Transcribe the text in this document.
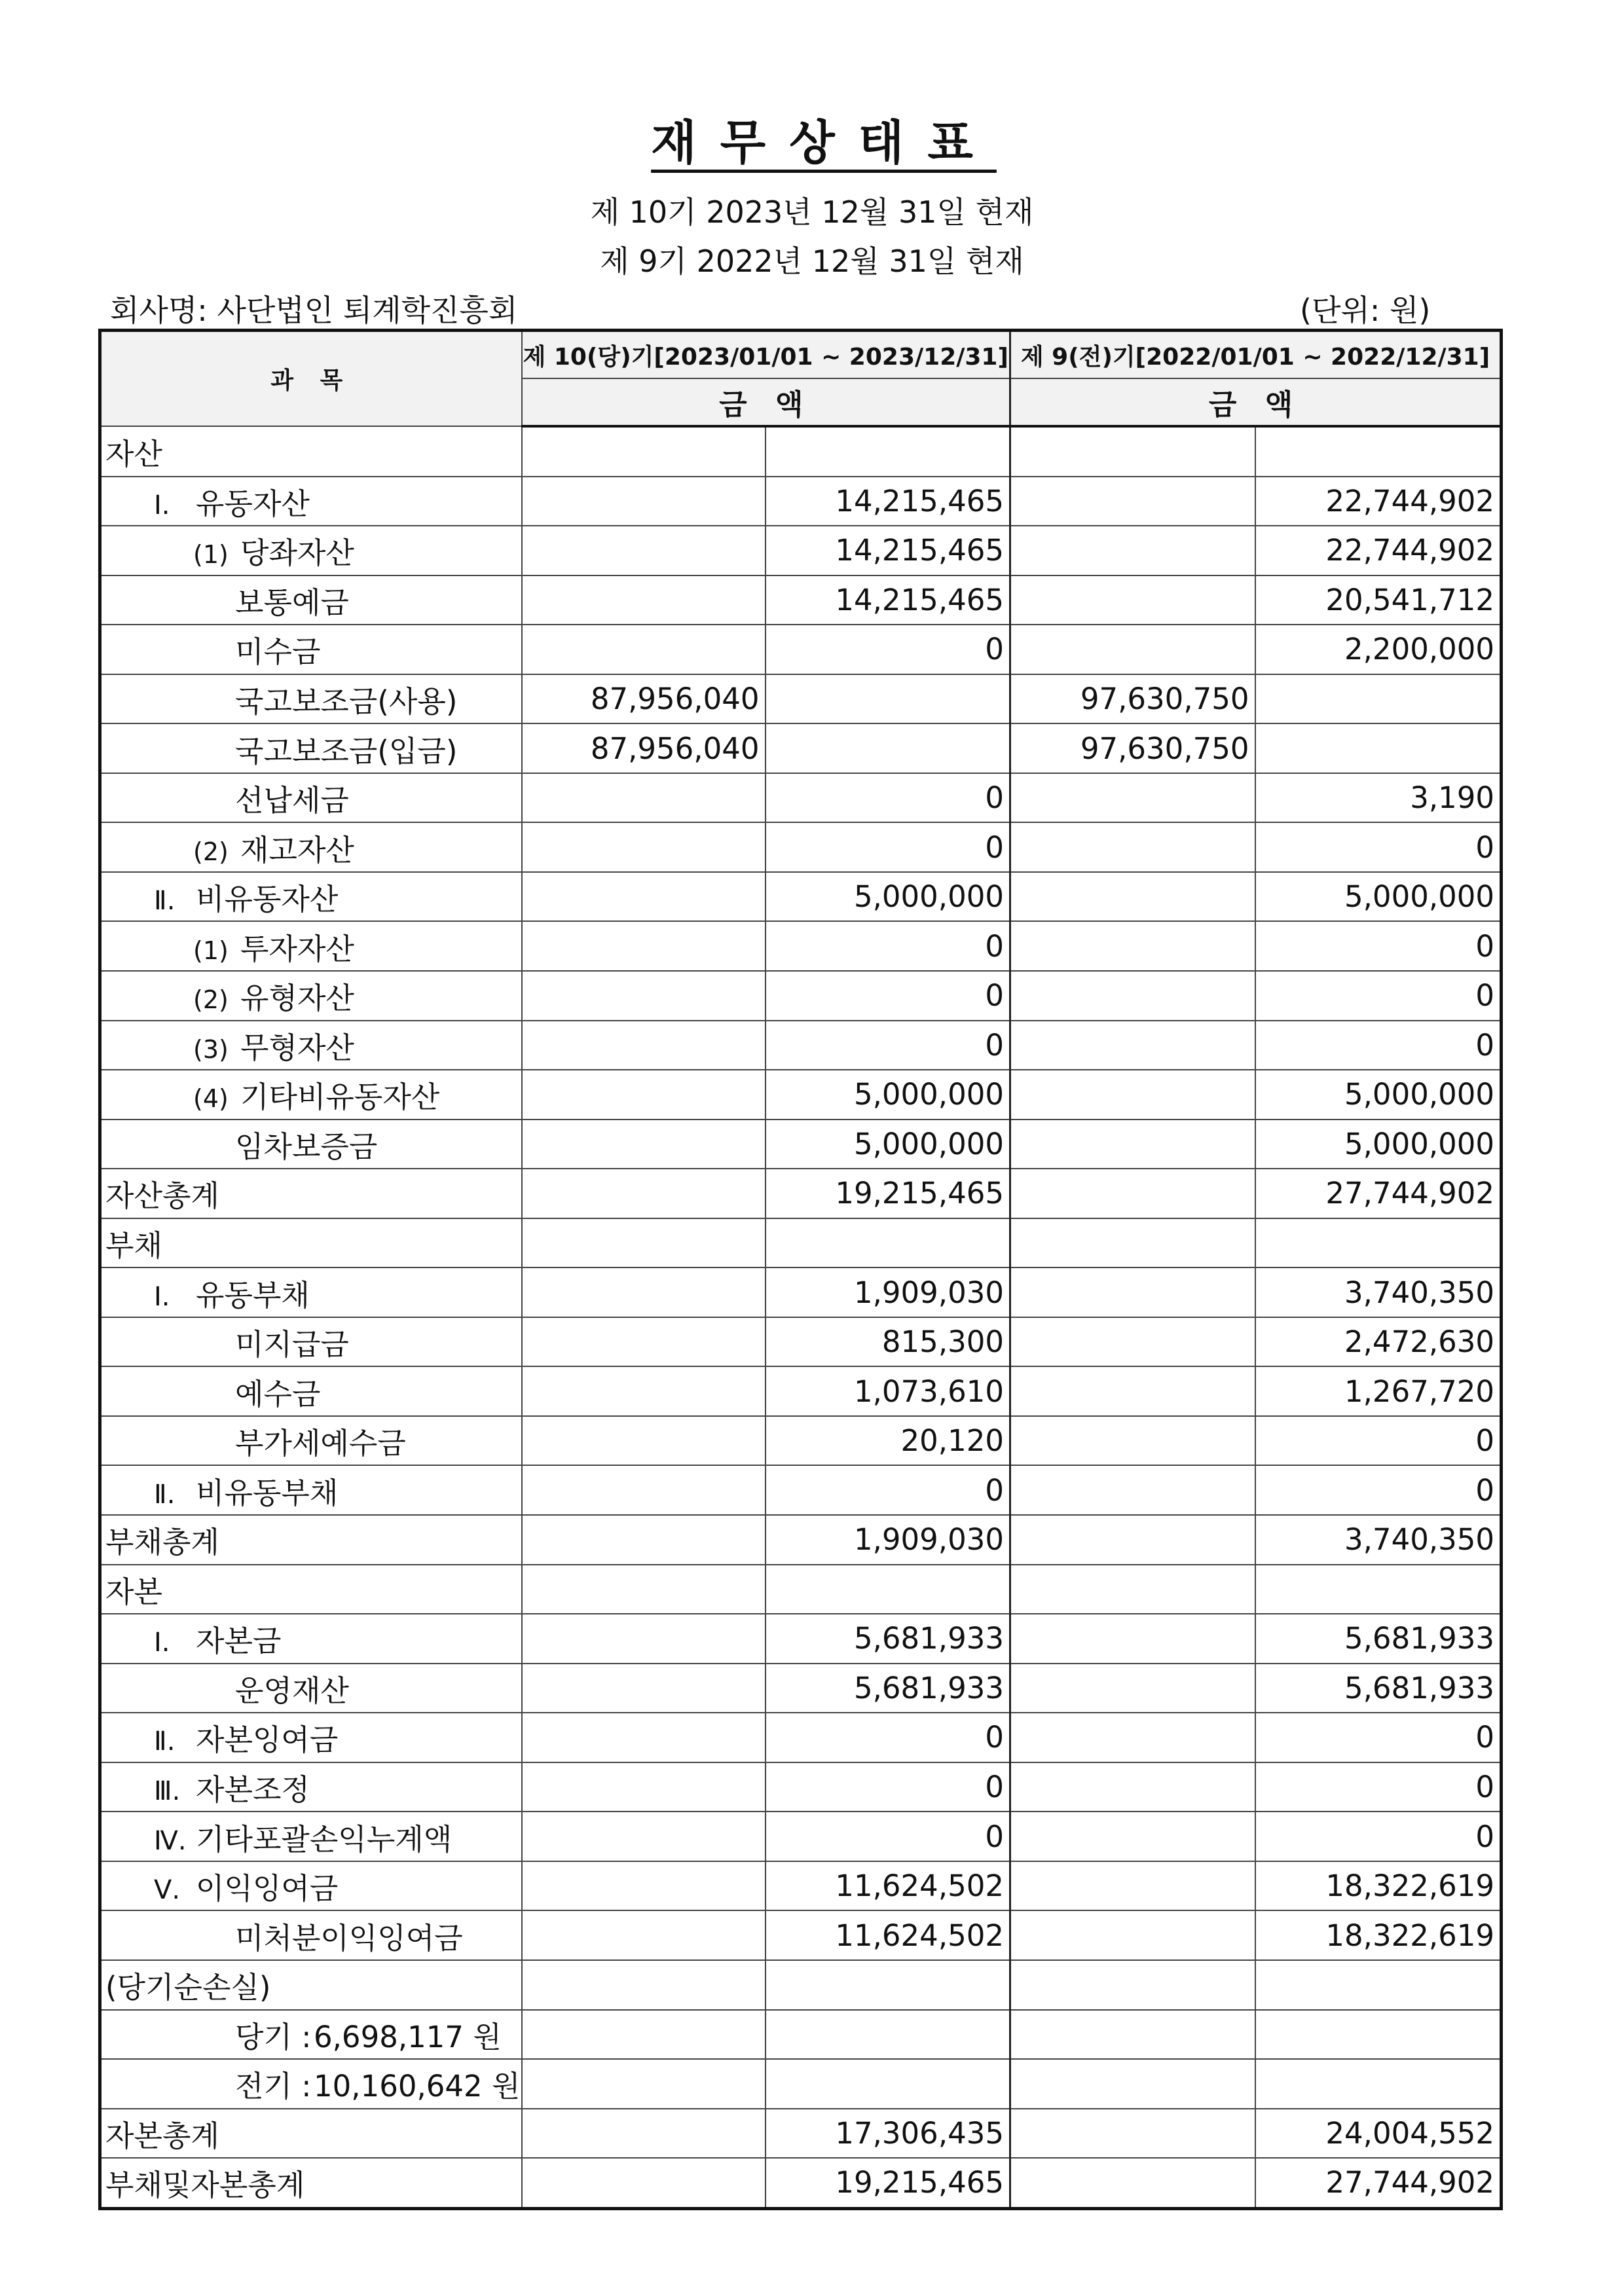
재무상태표
제 10기 2023년 12월 31일 현재
제 9기 2022년 12월 31일 현재
회사명: 사단법인 퇴계학진흥회	(단위: 원)
과 목	제 10(당)기[2023/01/01 ~ 2023/12/31]		제 9(전)기[2022/01/01 ~ 2022/12/31]	
	금 액		금 액	
자산				
Ⅰ. 유동자산		14,215,465		22,744,902
(1) 당좌자산		14,215,465		22,744,902
보통예금		14,215,465		20,541,712
미수금		0		2,200,000
국고보조금(사용)	87,956,040		97,630,750	
국고보조금(입금)	87,956,040		97,630,750	
선납세금		0		3,190
(2) 재고자산		0		0
Ⅱ. 비유동자산		5,000,000		5,000,000
(1) 투자자산		0		0
(2) 유형자산		0		0
(3) 무형자산		0		0
(4) 기타비유동자산		5,000,000		5,000,000
임차보증금		5,000,000		5,000,000
자산총계		19,215,465		27,744,902
부채				
Ⅰ. 유동부채		1,909,030		3,740,350
미지급금		815,300		2,472,630
예수금		1,073,610		1,267,720
부가세예수금		20,120		0
Ⅱ. 비유동부채		0		0
부채총계		1,909,030		3,740,350
자본				
Ⅰ. 자본금		5,681,933		5,681,933
운영재산		5,681,933		5,681,933
Ⅱ. 자본잉여금		0		0
Ⅲ. 자본조정		0		0
Ⅳ. 기타포괄손익누계액		0		0
Ⅴ. 이익잉여금		11,624,502		18,322,619
미처분이익잉여금		11,624,502		18,322,619
(당기순손실)				
당기 :6,698,117 원				
전기 :10,160,642 원				
자본총계		17,306,435		24,004,552
부채및자본총계		19,215,465		27,744,902
